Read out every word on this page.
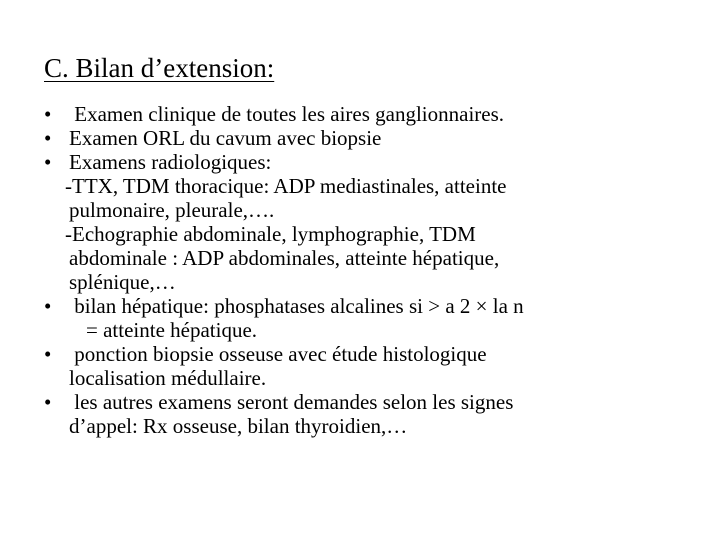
C. Bilan d’extension:
• Examen clinique de toutes les aires ganglionnaires.
• Examen ORL du cavum avec biopsie
• Examens radiologiques:
-TTX, TDM thoracique: ADP mediastinales, atteinte
pulmonaire, pleurale,….
-Echographie abdominale, lymphographie, TDM
abdominale : ADP abdominales, atteinte hépatique,
splénique,…
• bilan hépatique: phosphatases alcalines si > a 2 × la n
= atteinte hépatique.
• ponction biopsie osseuse avec étude histologique
localisation médullaire.
• les autres examens seront demandes selon les signes
d’appel: Rx osseuse, bilan thyroidien,…
